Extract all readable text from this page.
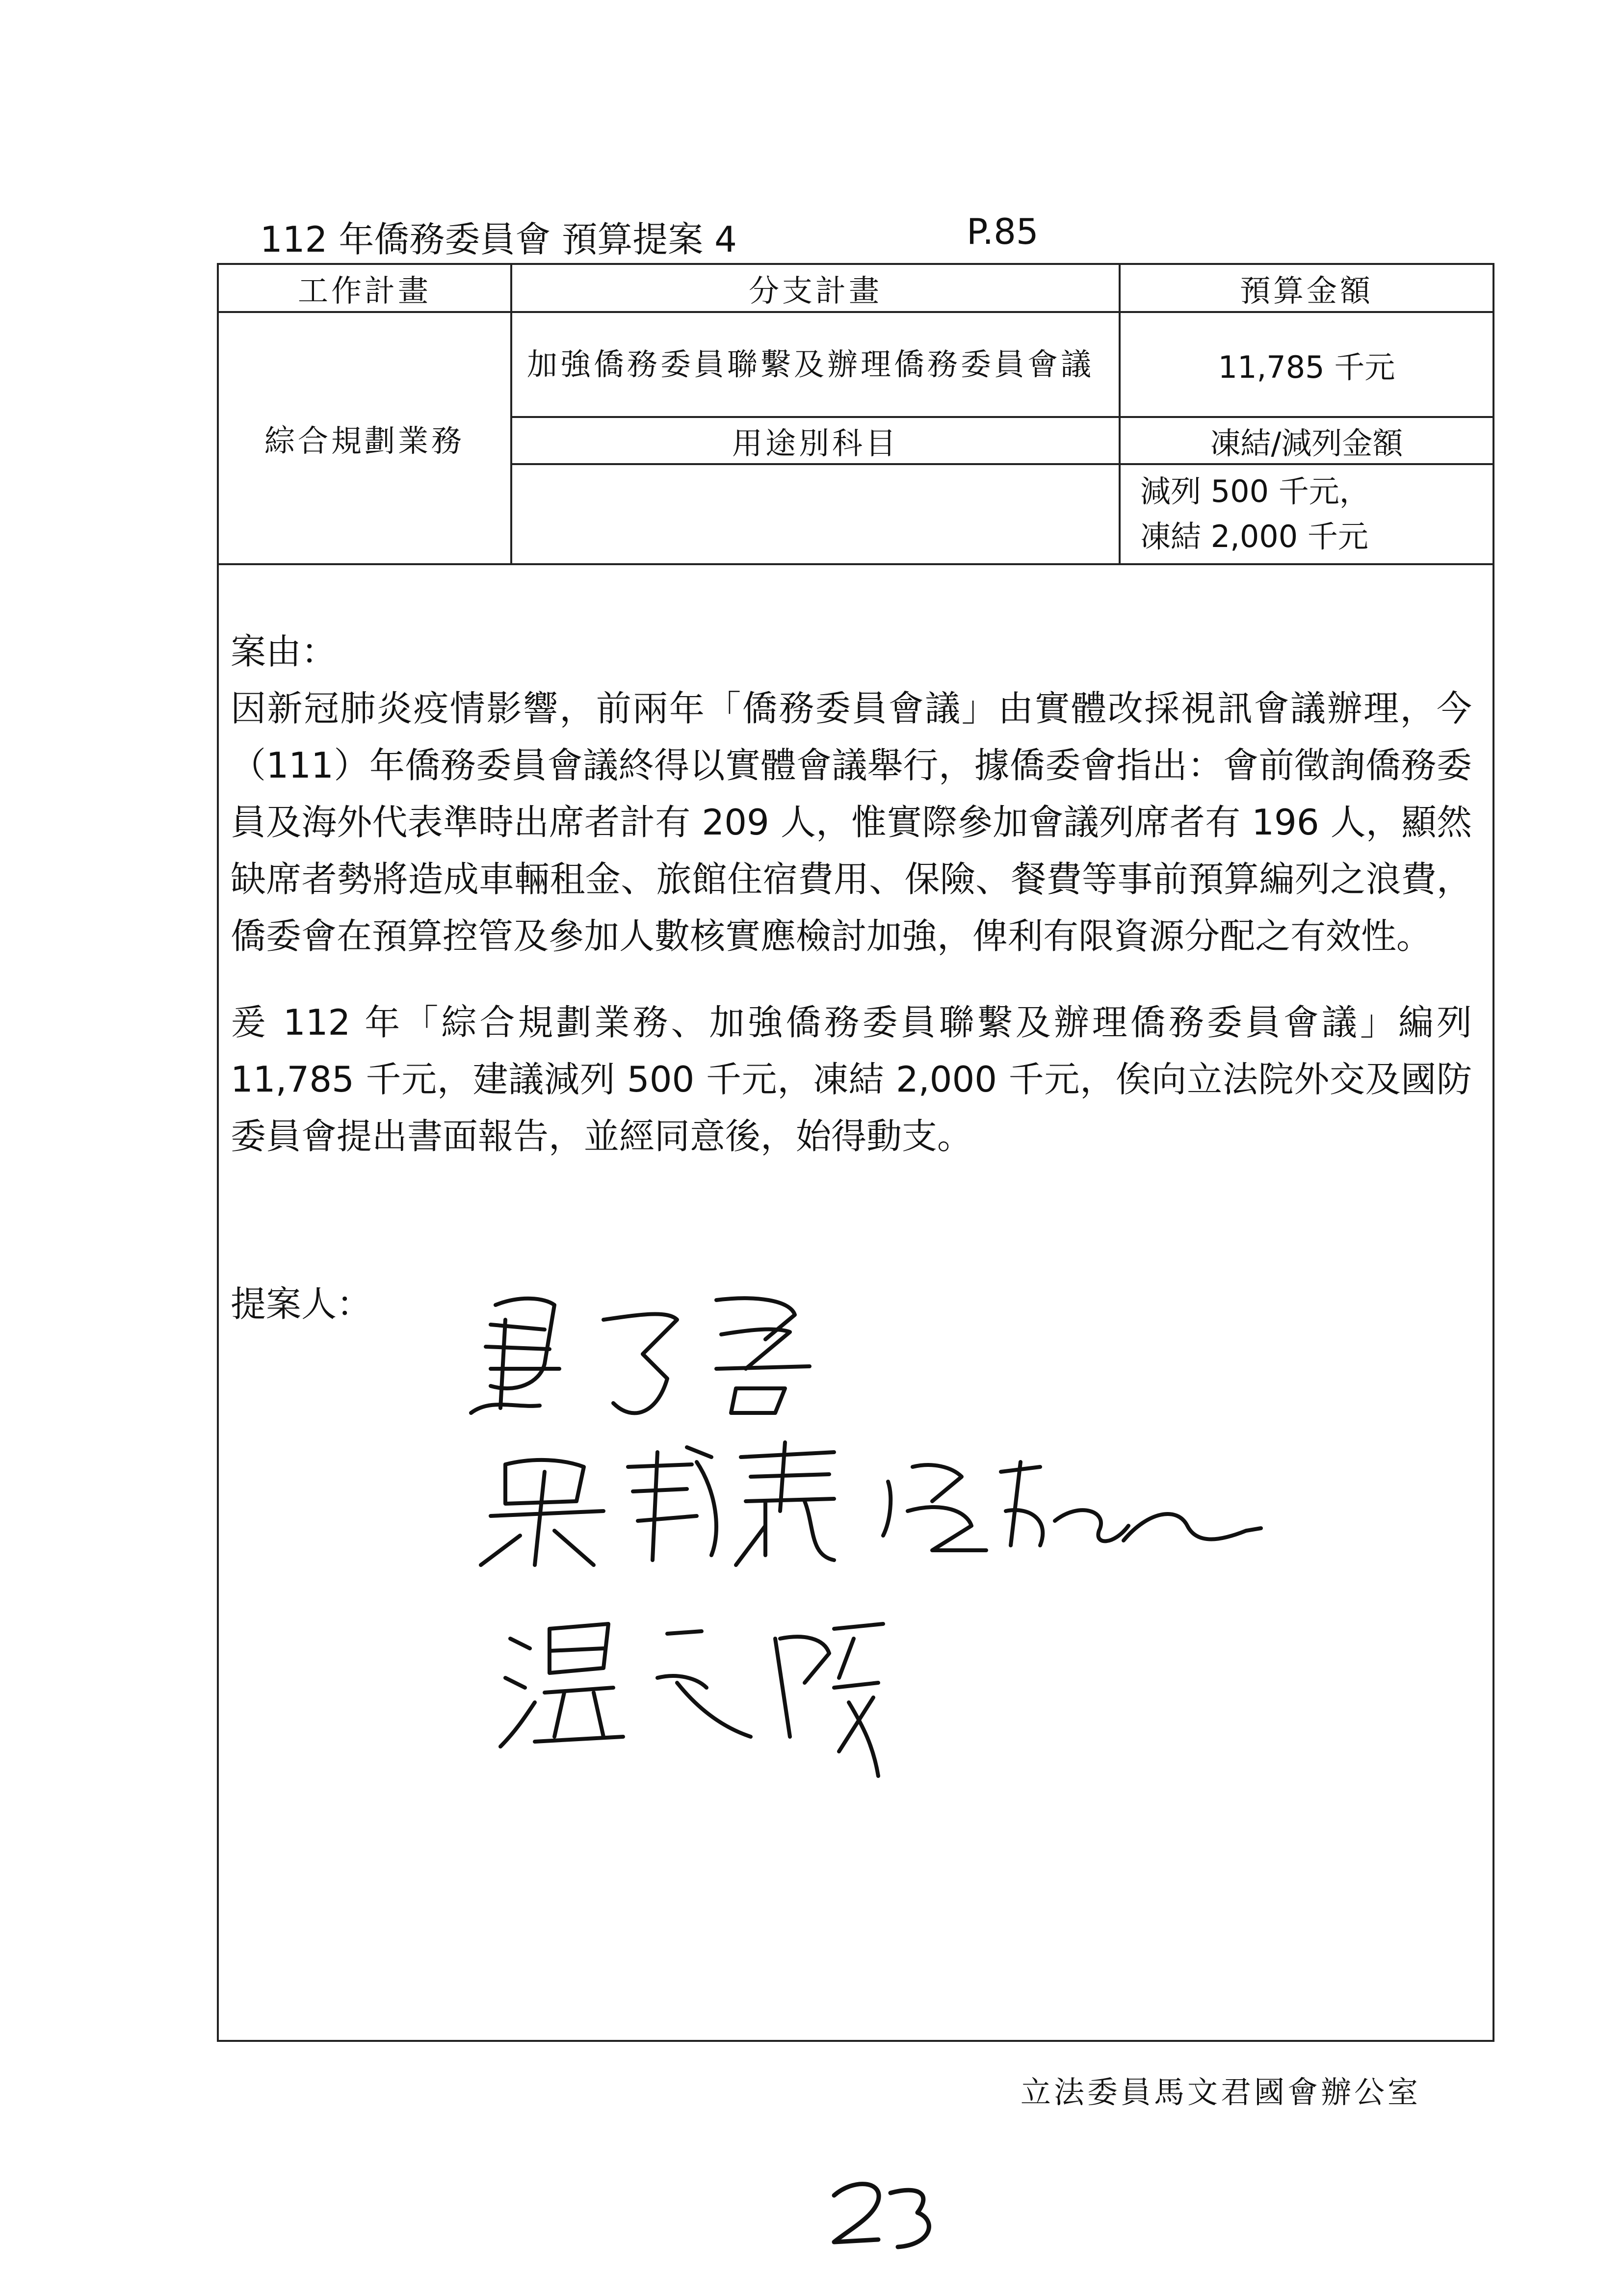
112 年僑務委員會 預算提案 4	P.85
工作計畫	分支計畫	預算金額
綜合規劃業務	加強僑務委員聯繫及辦理僑務委員會議	11,785 千元
	用途別科目	凍結/減列金額

		減列 500 千元，
凍結 2,000 千元

案由：

因新冠肺炎疫情影響，前兩年「僑務委員會議」由實體改採視訊會議辦理，今（111）年僑務委員會議終得以實體會議舉行，據僑委會指出：會前徵詢僑務委員及海外代表準時出席者計有 209 人，惟實際參加會議列席者有 196 人，顯然缺席者勢將造成車輛租金、旅館住宿費用、保險、餐費等事前預算編列之浪費，僑委會在預算控管及參加人數核實應檢討加強，俾利有限資源分配之有效性。

爰 112 年「綜合規劃業務、加強僑務委員聯繫及辦理僑務委員會議」編列 11,785 千元，建議減列 500 千元，凍結 2,000 千元，俟向立法院外交及國防委員會提出書面報告，並經同意後，始得動支。

提案人：
立法委員馬文君國會辦公室
